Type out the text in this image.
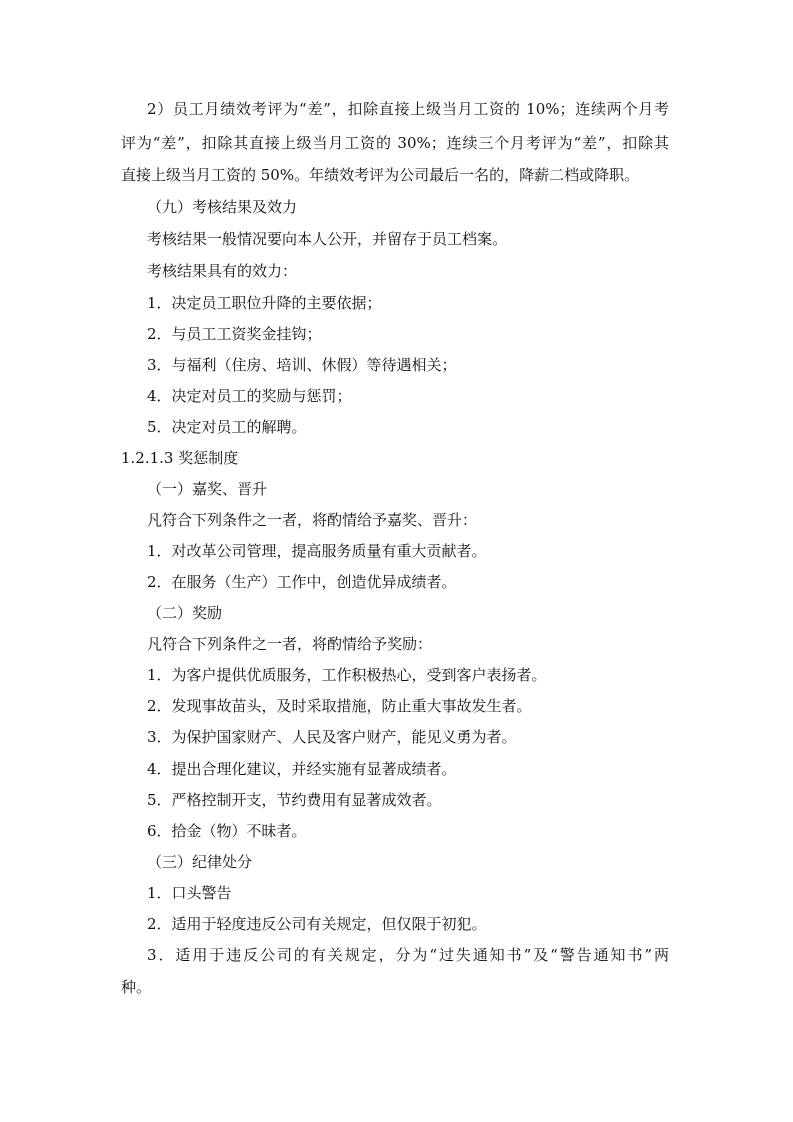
2）员工月绩效考评为“差”，扣除直接上级当月工资的 10%；连续两个月考
评为“差”，扣除其直接上级当月工资的 30%；连续三个月考评为“差”，扣除其
直接上级当月工资的 50%。年绩效考评为公司最后一名的，降薪二档或降职。
（九）考核结果及效力
考核结果一般情况要向本人公开，并留存于员工档案。
考核结果具有的效力：
1．决定员工职位升降的主要依据；
2．与员工工资奖金挂钩；
3．与福利（住房、培训、休假）等待遇相关；
4．决定对员工的奖励与惩罚；
5．决定对员工的解聘。
1.2.1.3 奖惩制度
（一）嘉奖、晋升
凡符合下列条件之一者，将酌情给予嘉奖、晋升：
1．对改革公司管理，提高服务质量有重大贡献者。
2．在服务（生产）工作中，创造优异成绩者。
（二）奖励
凡符合下列条件之一者，将酌情给予奖励：
1．为客户提供优质服务，工作积极热心，受到客户表扬者。
2．发现事故苗头，及时采取措施，防止重大事故发生者。
3．为保护国家财产、人民及客户财产，能见义勇为者。
4．提出合理化建议，并经实施有显著成绩者。
5．严格控制开支，节约费用有显著成效者。
6．拾金（物）不昧者。
（三）纪律处分
1．口头警告
2．适用于轻度违反公司有关规定，但仅限于初犯。
3．适用于违反公司的有关规定，分为“过失通知书”及“警告通知书”两
种。
